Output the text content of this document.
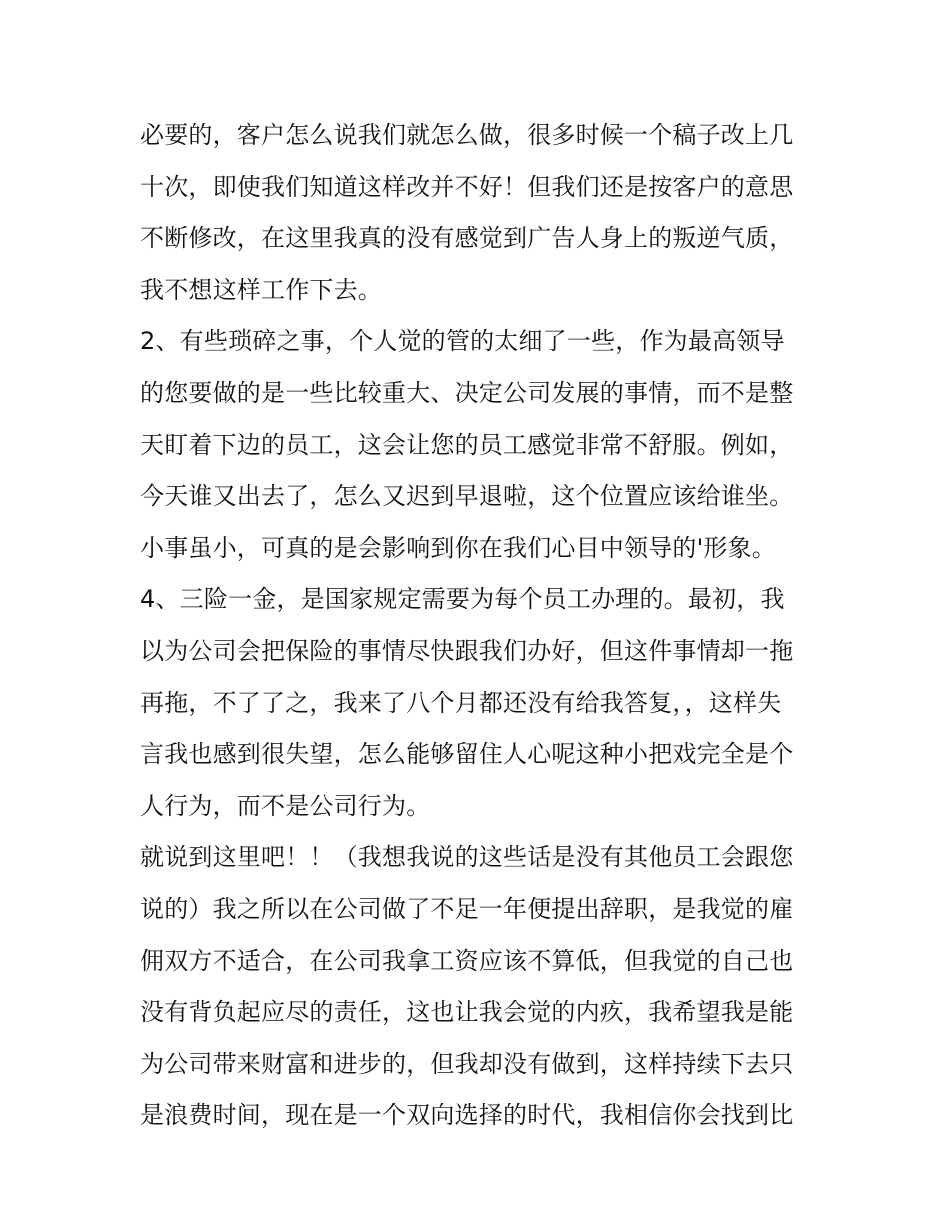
必要的，客户怎么说我们就怎么做，很多时候一个稿子改上几
十次，即使我们知道这样改并不好！但我们还是按客户的意思
不断修改，在这里我真的没有感觉到广告人身上的叛逆气质，
我不想这样工作下去。
2、有些琐碎之事，个人觉的管的太细了一些，作为最高领导
的您要做的是一些比较重大、决定公司发展的事情，而不是整
天盯着下边的员工，这会让您的员工感觉非常不舒服。例如，
今天谁又出去了，怎么又迟到早退啦，这个位置应该给谁坐。
小事虽小，可真的是会影响到你在我们心目中领导的'形象。
4、三险一金，是国家规定需要为每个员工办理的。最初，我
以为公司会把保险的事情尽快跟我们办好，但这件事情却一拖
再拖，不了了之，我来了八个月都还没有给我答复，，这样失
言我也感到很失望，怎么能够留住人心呢这种小把戏完全是个
人行为，而不是公司行为。
就说到这里吧！！（我想我说的这些话是没有其他员工会跟您
说的）我之所以在公司做了不足一年便提出辞职，是我觉的雇
佣双方不适合，在公司我拿工资应该不算低，但我觉的自己也
没有背负起应尽的责任，这也让我会觉的内疚，我希望我是能
为公司带来财富和进步的，但我却没有做到，这样持续下去只
是浪费时间，现在是一个双向选择的时代，我相信你会找到比
